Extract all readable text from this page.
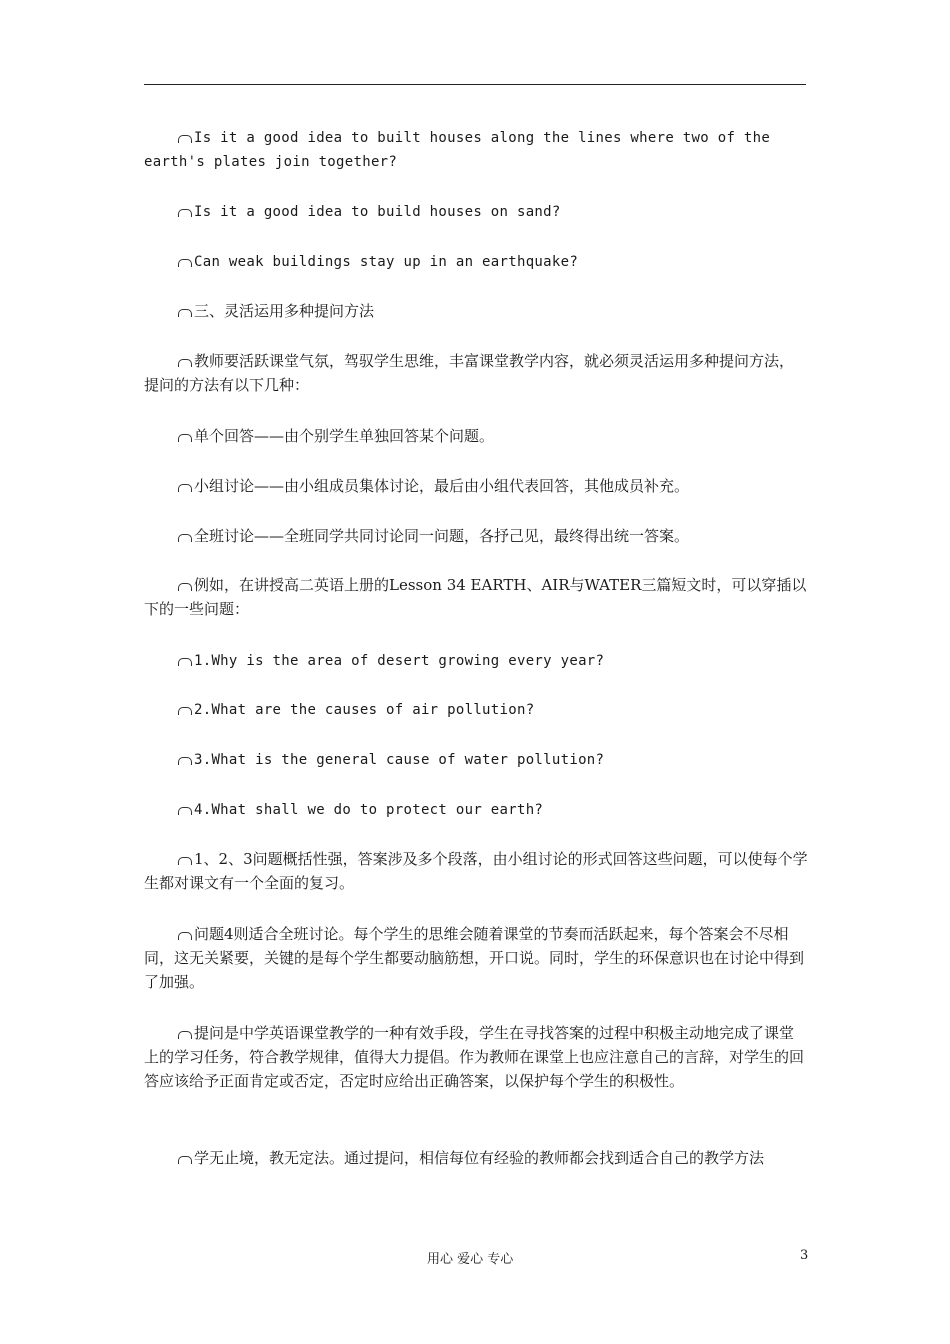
Is it a good idea to built houses along the lines where two of the earth's plates join together?
Is it a good idea to build houses on sand?
Can weak buildings stay up in an earthquake?
三、灵活运用多种提问方法
教师要活跃课堂气氛，驾驭学生思维，丰富课堂教学内容，就必须灵活运用多种提问方法，提问的方法有以下几种：
单个回答——由个别学生单独回答某个问题。
小组讨论——由小组成员集体讨论，最后由小组代表回答，其他成员补充。
全班讨论——全班同学共同讨论同一问题，各抒己见，最终得出统一答案。
例如，在讲授高二英语上册的Lesson 34 EARTH、AIR与WATER三篇短文时，可以穿插以下的一些问题：
1.Why is the area of desert growing every year?
2.What are the causes of air pollution?
3.What is the general cause of water pollution?
4.What shall we do to protect our earth?
1、2、3问题概括性强，答案涉及多个段落，由小组讨论的形式回答这些问题，可以使每个学生都对课文有一个全面的复习。
问题4则适合全班讨论。每个学生的思维会随着课堂的节奏而活跃起来，每个答案会不尽相同，这无关紧要，关键的是每个学生都要动脑筋想，开口说。同时，学生的环保意识也在讨论中得到了加强。
提问是中学英语课堂教学的一种有效手段，学生在寻找答案的过程中积极主动地完成了课堂上的学习任务，符合教学规律，值得大力提倡。作为教师在课堂上也应注意自己的言辞，对学生的回答应该给予正面肯定或否定，否定时应给出正确答案，以保护每个学生的积极性。
学无止境，教无定法。通过提问，相信每位有经验的教师都会找到适合自己的教学方法
用心 爱心 专心	3
